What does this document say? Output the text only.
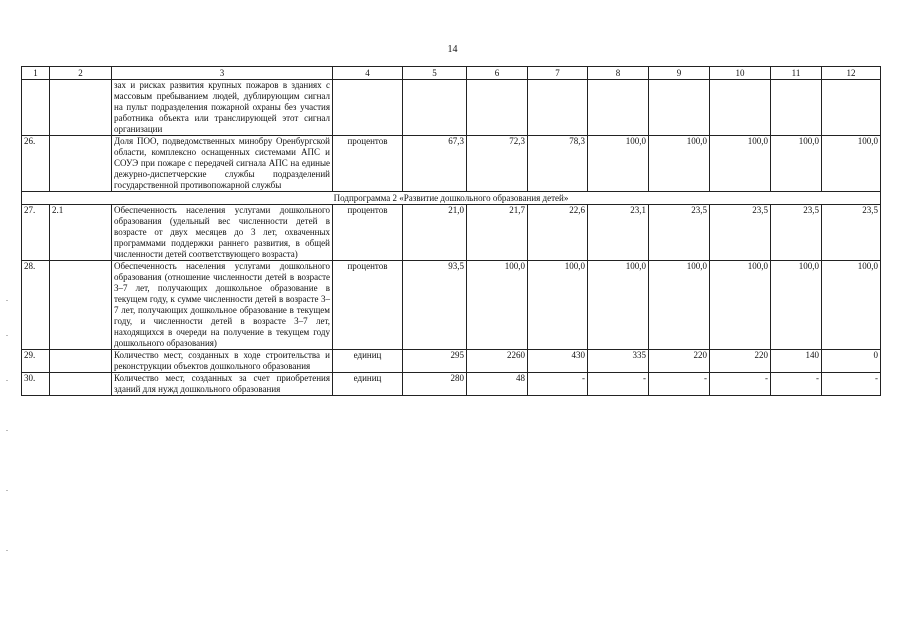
14
1	2	3	4	5	6	7	8	9	10	11	12
		зах и рисках развития крупных пожаров в зданиях с массовым пребыванием людей, дублирующим сигнал на пульт подразделения пожарной охраны без участия работника объекта или транслирующей этот сигнал организации									
26.		Доля ПОО, подведомственных минобру Оренбургской области, комплексно оснащенных системами АПС и СОУЭ при пожаре с передачей сигнала АПС на единые дежурно-диспетчерские службы подразделений государственной противопожарной службы	процентов	67,3	72,3	78,3	100,0	100,0	100,0	100,0	100,0
Подпрограмма 2 «Развитие дошкольного образования детей»											
27.	2.1	Обеспеченность населения услугами дошкольного образования (удельный вес численности детей в возрасте от двух месяцев до 3 лет, охваченных программами поддержки раннего развития, в общей численности детей соответствующего возраста)	процентов	21,0	21,7	22,6	23,1	23,5	23,5	23,5	23,5
28.		Обеспеченность населения услугами дошкольного образования (отношение численности детей в возрасте 3–7 лет, получающих дошкольное образование в текущем году, к сумме численности детей в возрасте 3–7 лет, получающих дошкольное образование в текущем году, и численности детей в возрасте 3–7 лет, находящихся в очереди на получение в текущем году дошкольного образования)	процентов	93,5	100,0	100,0	100,0	100,0	100,0	100,0	100,0
29.		Количество мест, созданных в ходе строительства и реконструкции объектов дошкольного образования	единиц	295	2260	430	335	220	220	140	0
30.		Количество мест, созданных за счет приобретения зданий для нужд дошкольного образования	единиц	280	48	-	-	-	-	-	-
